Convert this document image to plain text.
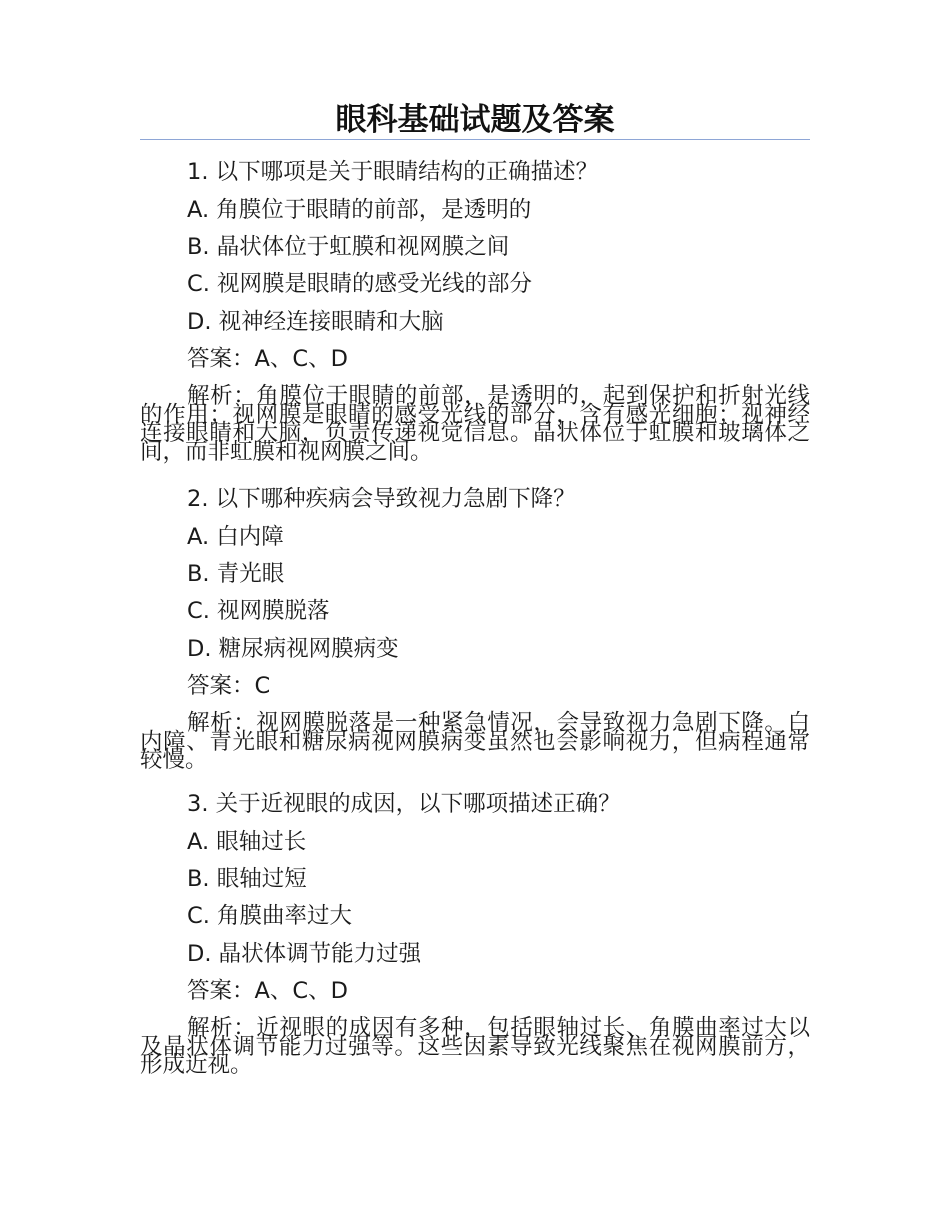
眼科基础试题及答案
1. 以下哪项是关于眼睛结构的正确描述？
A. 角膜位于眼睛的前部，是透明的
B. 晶状体位于虹膜和视网膜之间
C. 视网膜是眼睛的感受光线的部分
D. 视神经连接眼睛和大脑
答案：A、C、D
解析：角膜位于眼睛的前部，是透明的，起到保护和折射光线的作用；视网膜是眼睛的感受光线的部分，含有感光细胞；视神经连接眼睛和大脑，负责传递视觉信息。晶状体位于虹膜和玻璃体之间，而非虹膜和视网膜之间。
2. 以下哪种疾病会导致视力急剧下降？
A. 白内障
B. 青光眼
C. 视网膜脱落
D. 糖尿病视网膜病变
答案：C
解析：视网膜脱落是一种紧急情况，会导致视力急剧下降。白内障、青光眼和糖尿病视网膜病变虽然也会影响视力，但病程通常较慢。
3. 关于近视眼的成因，以下哪项描述正确？
A. 眼轴过长
B. 眼轴过短
C. 角膜曲率过大
D. 晶状体调节能力过强
答案：A、C、D
解析：近视眼的成因有多种，包括眼轴过长、角膜曲率过大以及晶状体调节能力过强等。这些因素导致光线聚焦在视网膜前方，形成近视。
